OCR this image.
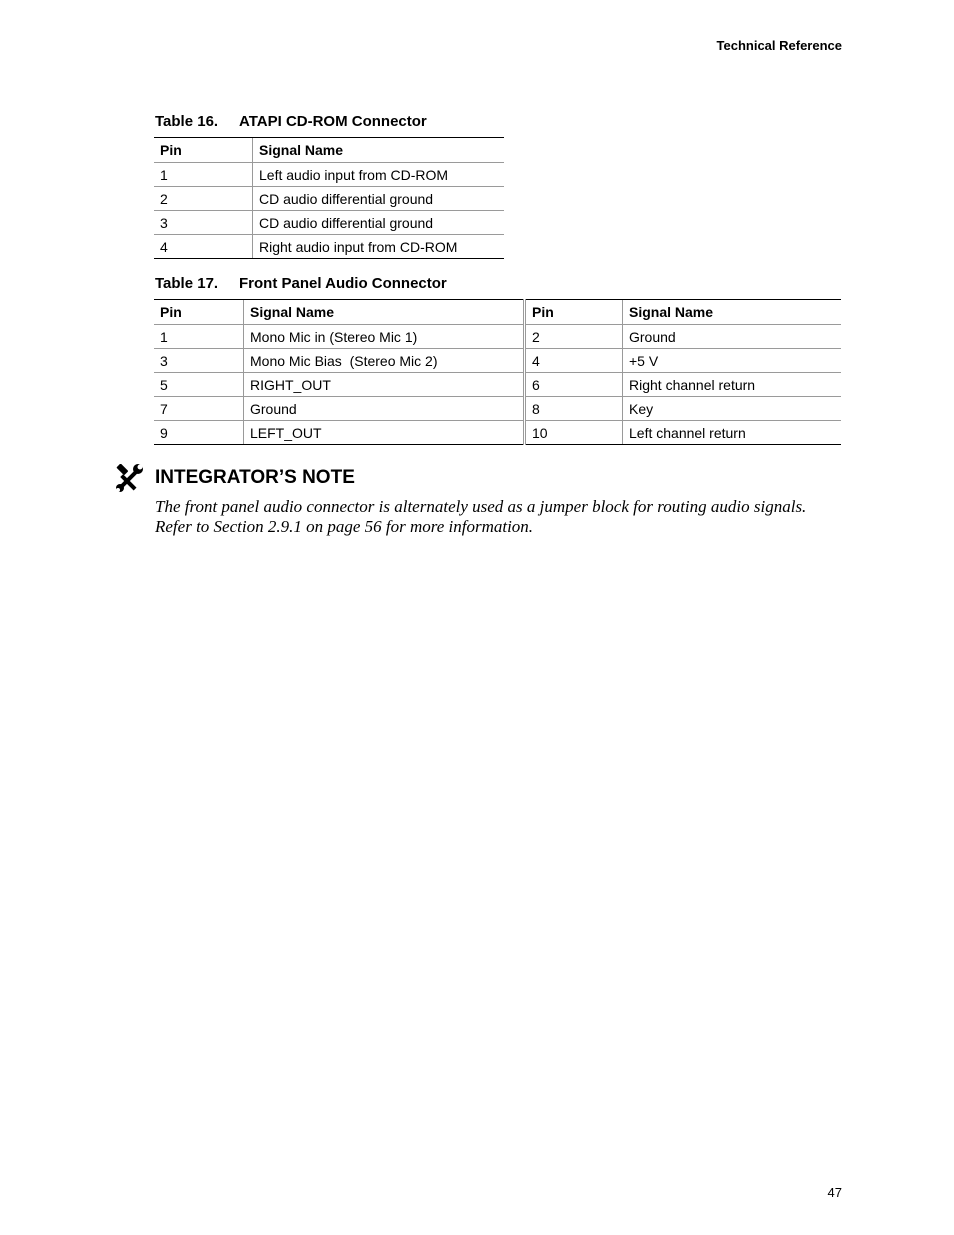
Technical Reference
Table 16. ATAPI CD-ROM Connector
Pin	Signal Name
1	Left audio input from CD-ROM
2	CD audio differential ground
3	CD audio differential ground
4	Right audio input from CD-ROM
Table 17. Front Panel Audio Connector
Pin	Signal Name	Pin	Signal Name
1	Mono Mic in (Stereo Mic 1)	2	Ground
3	Mono Mic Bias  (Stereo Mic 2)	4	+5 V
5	RIGHT_OUT	6	Right channel return
7	Ground	8	Key
9	LEFT_OUT	10	Left channel return
INTEGRATOR’S NOTE
The front panel audio connector is alternately used as a jumper block for routing audio signals. Refer to Section 2.9.1 on page 56 for more information.
47
